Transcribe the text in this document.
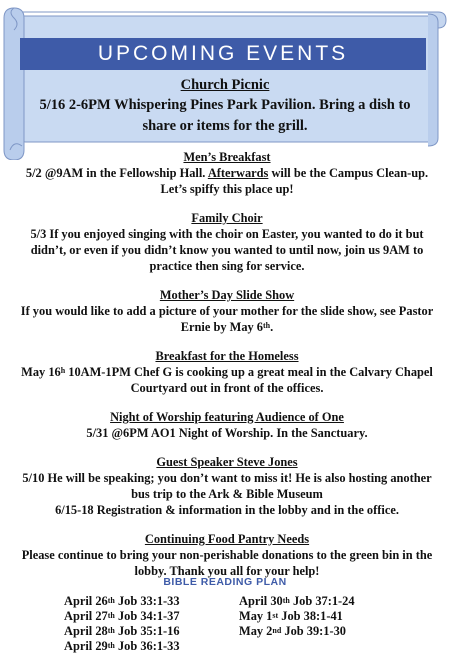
UPCOMING EVENTS
Church Picnic
5/16 2-6PM Whispering Pines Park Pavilion. Bring a dish to share or items for the grill.
Men’s Breakfast
5/2 @9AM in the Fellowship Hall. Afterwards will be the Campus Clean-up. Let’s spiffy this place up!
Family Choir
5/3 If you enjoyed singing with the choir on Easter, you wanted to do it but didn’t, or even if you didn’t know you wanted to until now, join us 9AM to practice then sing for service.
Mother’s Day Slide Show
If you would like to add a picture of your mother for the slide show, see Pastor Ernie by May 6th.
Breakfast for the Homeless
May 16$^h$ 10AM-1PM Chef G is cooking up a great meal in the Calvary Chapel Courtyard out in front of the offices.
Night of Worship featuring Audience of One
5/31 @6PM AO1 Night of Worship. In the Sanctuary.
Guest Speaker Steve Jones
5/10 He will be speaking; you don’t want to miss it! He is also hosting another bus trip to the Ark & Bible Museum
6/15-18 Registration & information in the lobby and in the office.
Continuing Food Pantry Needs
Please continue to bring your non-perishable donations to the green bin in the lobby. Thank you all for your help!
BIBLE READING PLAN
April 26th Job 33:1-33
April 27th Job 34:1-37
April 28th Job 35:1-16
April 29th Job 36:1-33
April 30th Job 37:1-24
May 1st Job 38:1-41
May 2nd Job 39:1-30
